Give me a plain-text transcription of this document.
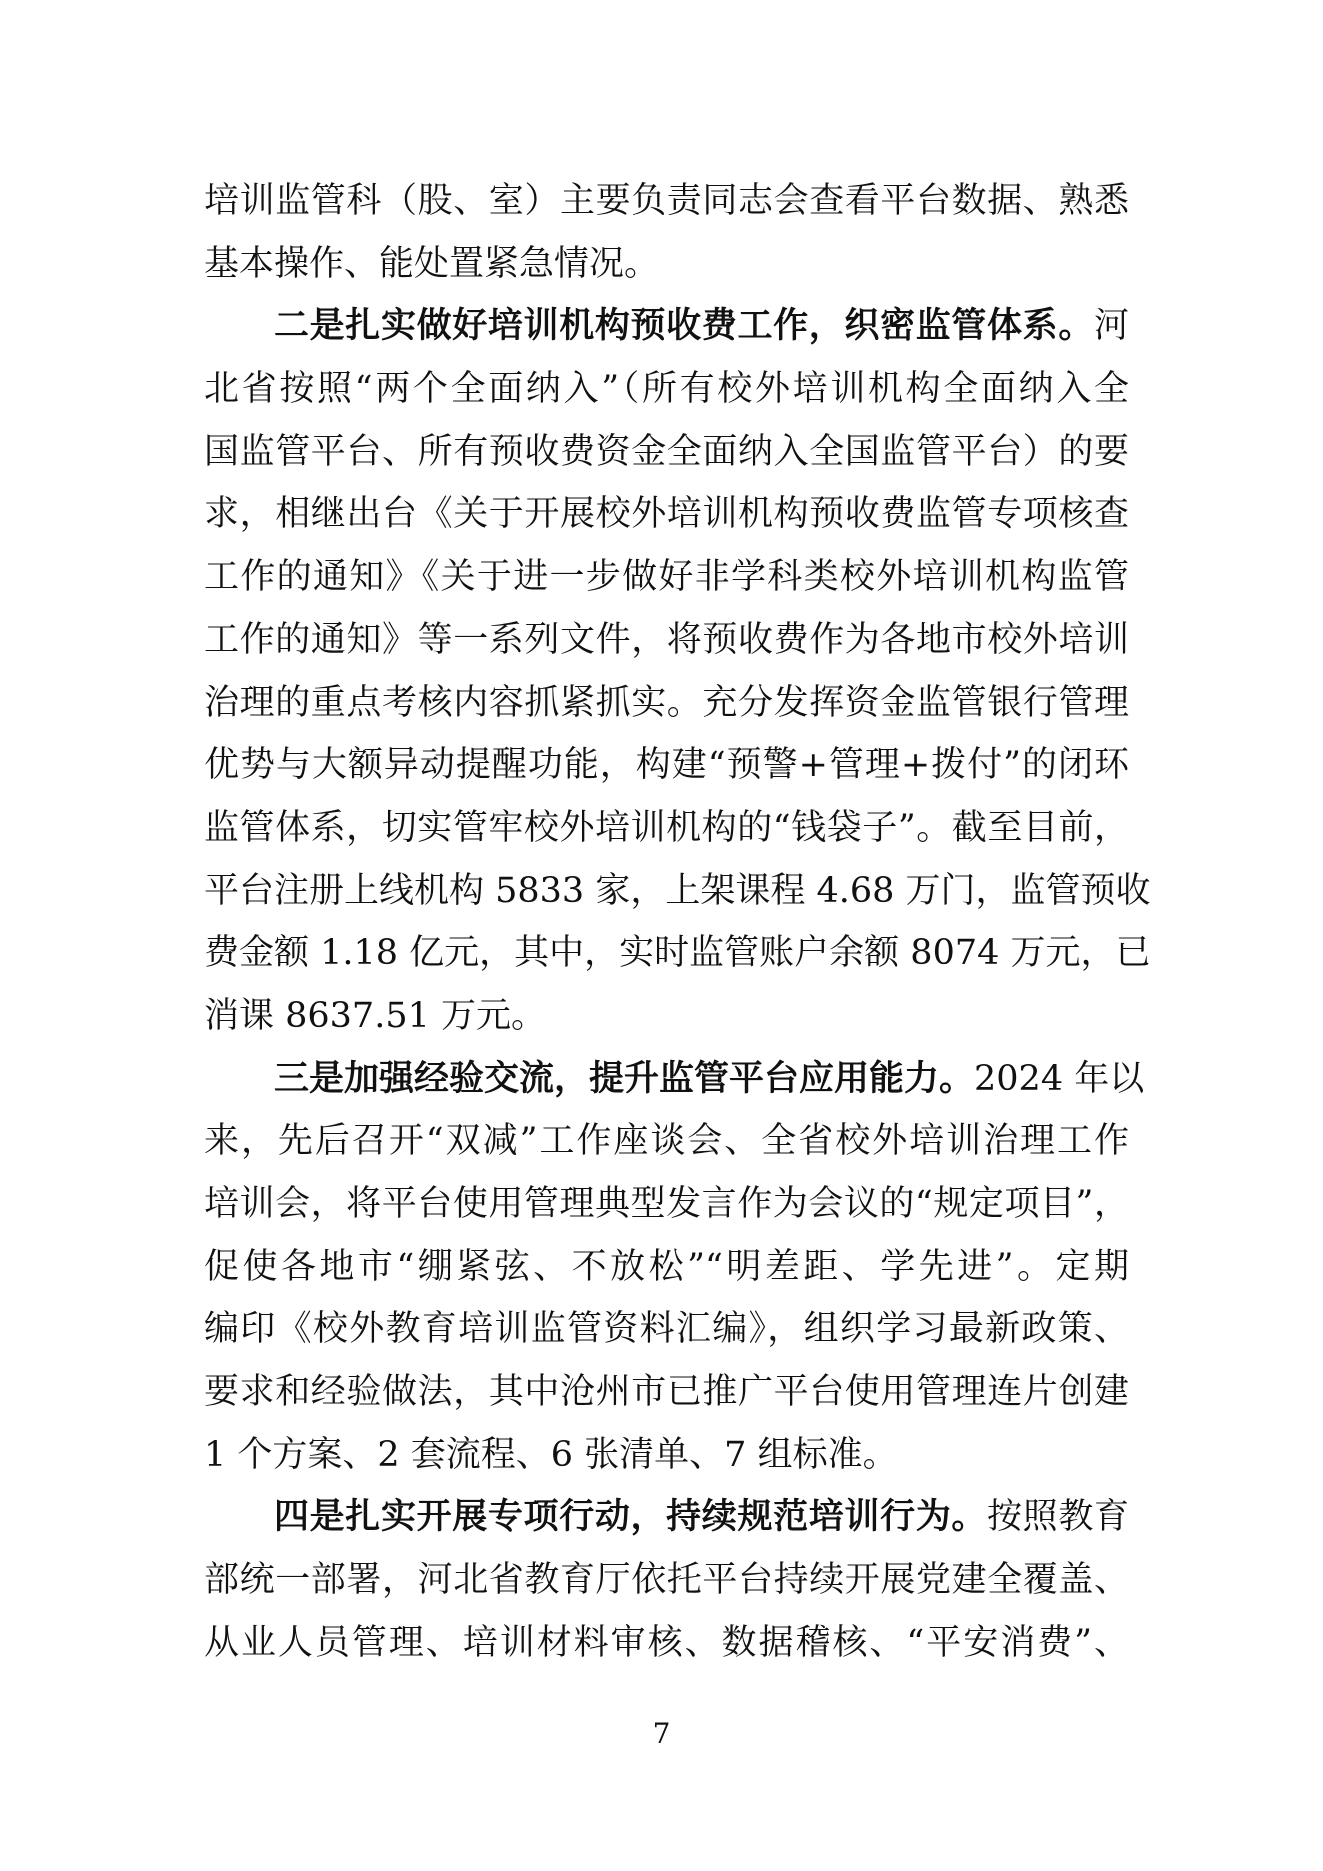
培训监管科（股、室）主要负责同志会查看平台数据、熟悉
基本操作、能处置紧急情况。
二是扎实做好培训机构预收费工作，织密监管体系。河
北省按照“两个全面纳入”（所有校外培训机构全面纳入全
国监管平台、所有预收费资金全面纳入全国监管平台）的要
求，相继出台《关于开展校外培训机构预收费监管专项核查
工作的通知》《关于进一步做好非学科类校外培训机构监管
工作的通知》等一系列文件，将预收费作为各地市校外培训
治理的重点考核内容抓紧抓实。充分发挥资金监管银行管理
优势与大额异动提醒功能，构建“预警+管理+拨付”的闭环
监管体系，切实管牢校外培训机构的“钱袋子”。截至目前，
平台注册上线机构 5833 家，上架课程 4.68 万门，监管预收
费金额 1.18 亿元，其中，实时监管账户余额 8074 万元，已
消课 8637.51 万元。
三是加强经验交流，提升监管平台应用能力。2024 年以
来，先后召开“双减”工作座谈会、全省校外培训治理工作
培训会，将平台使用管理典型发言作为会议的“规定项目”，
促使各地市“绷紧弦、不放松”“明差距、学先进”。定期
编印《校外教育培训监管资料汇编》，组织学习最新政策、
要求和经验做法，其中沧州市已推广平台使用管理连片创建
1 个方案、2 套流程、6 张清单、7 组标准。
四是扎实开展专项行动，持续规范培训行为。按照教育
部统一部署，河北省教育厅依托平台持续开展党建全覆盖、
从业人员管理、培训材料审核、数据稽核、“平安消费”、
7
